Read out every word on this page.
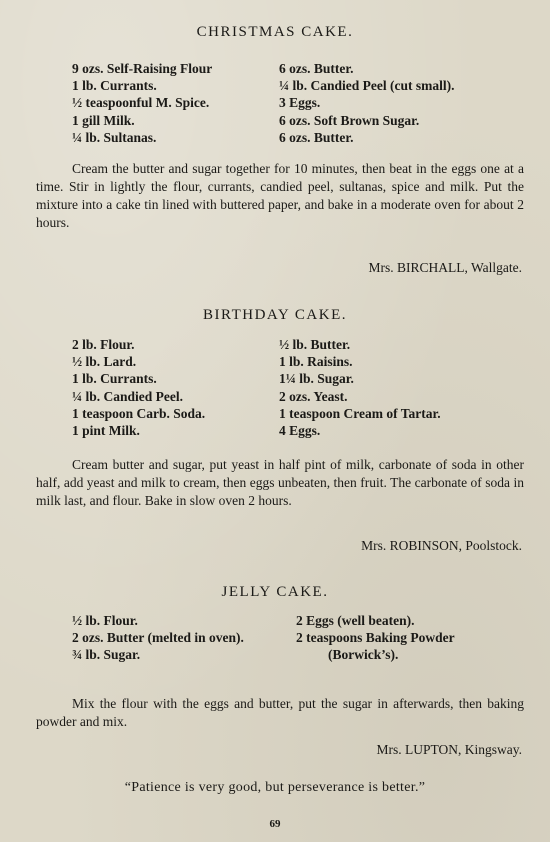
CHRISTMAS CAKE.
9 ozs. Self-Raising Flour
1 lb. Currants.
½ teaspoonful M. Spice.
1 gill Milk.
¼ lb. Sultanas.
6 ozs. Butter.
¼ lb. Candied Peel (cut small).
3 Eggs.
6 ozs. Soft Brown Sugar.
6 ozs. Butter.

Cream the butter and sugar together for 10 minutes, then beat in the eggs one at a time. Stir in lightly the flour, currants, candied peel, sultanas, spice and milk. Put the mixture into a cake tin lined with buttered paper, and bake in a moderate oven for about 2 hours.

Mrs. BIRCHALL, Wallgate.

BIRTHDAY CAKE.
2 lb. Flour.
½ lb. Lard.
1 lb. Currants.
¼ lb. Candied Peel.
1 teaspoon Carb. Soda.
1 pint Milk.
½ lb. Butter.
1 lb. Raisins.
1¼ lb. Sugar.
2 ozs. Yeast.
1 teaspoon Cream of Tartar.
4 Eggs.

Cream butter and sugar, put yeast in half pint of milk, carbonate of soda in other half, add yeast and milk to cream, then eggs unbeaten, then fruit. The carbonate of soda in milk last, and flour. Bake in slow oven 2 hours.

Mrs. ROBINSON, Poolstock.

JELLY CAKE.
½ lb. Flour.
2 ozs. Butter (melted in oven).
¾ lb. Sugar.
2 Eggs (well beaten).
2 teaspoons Baking Powder (Borwick’s).

Mix the flour with the eggs and butter, put the sugar in afterwards, then baking powder and mix.

Mrs. LUPTON, Kingsway.

“Patience is very good, but perseverance is better.”

69
